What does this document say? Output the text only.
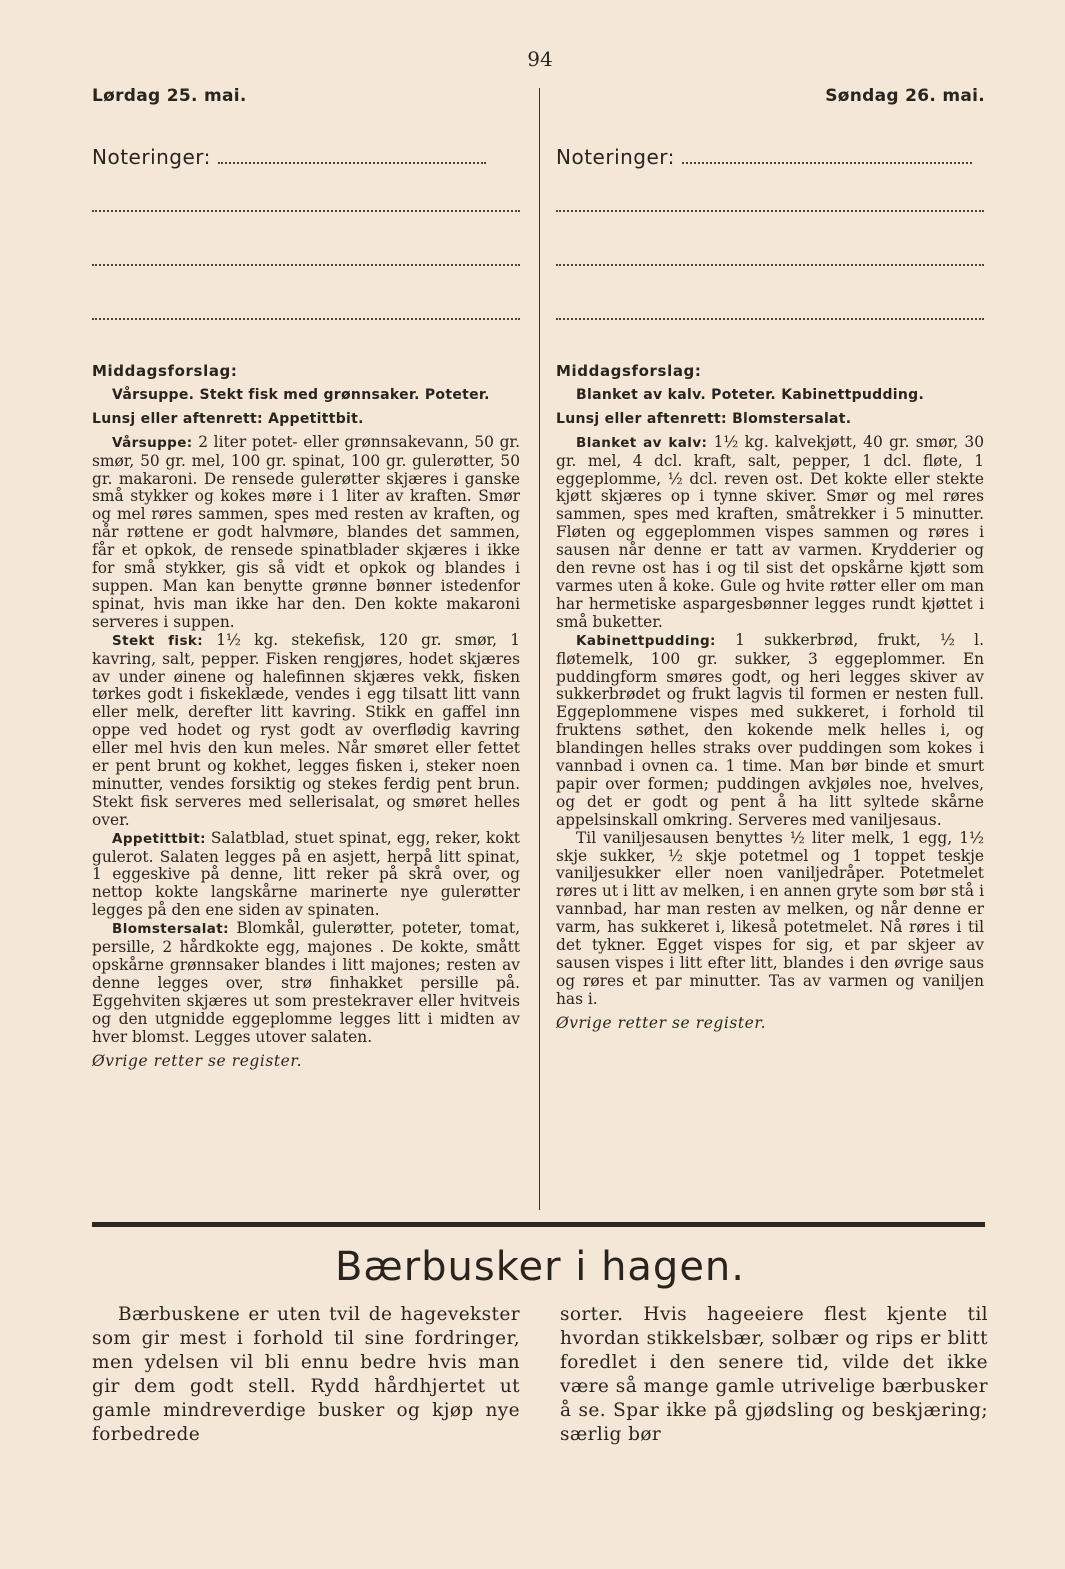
94
Lørdag 25. mai.	Søndag 26. mai.
Noteringer:	Noteringer:

Middagsforslag:

Vårsuppe. Stekt fisk med grønnsaker. Poteter.

Lunsj eller aftenrett: Appetittbit.

Vårsuppe: 2 liter potet- eller grønnsakevann, 50 gr. smør, 50 gr. mel, 100 gr. spinat, 100 gr. gulerøtter, 50 gr. makaroni. De rensede gulerøtter skjæres i ganske små stykker og kokes møre i 1 liter av kraften. Smør og mel røres sammen, spes med resten av kraften, og når røttene er godt halvmøre, blandes det sammen, får et opkok, de rensede spinatblader skjæres i ikke for små stykker, gis så vidt et opkok og blandes i suppen. Man kan benytte grønne bønner istedenfor spinat, hvis man ikke har den. Den kokte makaroni serveres i suppen.

Stekt fisk: 1½ kg. stekefisk, 120 gr. smør, 1 kavring, salt, pepper. Fisken rengjøres, hodet skjæres av under øinene og halefinnen skjæres vekk, fisken tørkes godt i fiskeklæde, vendes i egg tilsatt litt vann eller melk, derefter litt kavring. Stikk en gaffel inn oppe ved hodet og ryst godt av overflødig kavring eller mel hvis den kun meles. Når smøret eller fettet er pent brunt og kokhet, legges fisken i, steker noen minutter, vendes forsiktig og stekes ferdig pent brun. Stekt fisk serveres med sellerisalat, og smøret helles over.

Appetittbit: Salatblad, stuet spinat, egg, reker, kokt gulerot. Salaten legges på en asjett, herpå litt spinat, 1 eggeskive på denne, litt reker på skrå over, og nettop kokte langskårne marinerte nye gulerøtter legges på den ene siden av spinaten.

Blomstersalat: Blomkål, gulerøtter, poteter, tomat, persille, 2 hårdkokte egg, majones . De kokte, smått opskårne grønnsaker blandes i litt majones; resten av denne legges over, strø finhakket persille på. Eggehviten skjæres ut som prestekraver eller hvitveis og den utgnidde eggeplomme legges litt i midten av hver blomst. Legges utover salaten.

Øvrige retter se register.

Middagsforslag:

Blanket av kalv. Poteter. Kabinettpudding.

Lunsj eller aftenrett: Blomstersalat.

Blanket av kalv: 1½ kg. kalvekjøtt, 40 gr. smør, 30 gr. mel, 4 dcl. kraft, salt, pepper, 1 dcl. fløte, 1 eggeplomme, ½ dcl. reven ost. Det kokte eller stekte kjøtt skjæres op i tynne skiver. Smør og mel røres sammen, spes med kraften, småtrekker i 5 minutter. Fløten og eggeplommen vispes sammen og røres i sausen når denne er tatt av varmen. Krydderier og den revne ost has i og til sist det opskårne kjøtt som varmes uten å koke. Gule og hvite røtter eller om man har hermetiske aspargesbønner legges rundt kjøttet i små buketter.

Kabinettpudding: 1 sukkerbrød, frukt, ½ l. fløtemelk, 100 gr. sukker, 3 eggeplommer. En puddingform smøres godt, og heri legges skiver av sukkerbrødet og frukt lagvis til formen er nesten full. Eggeplommene vispes med sukkeret, i forhold til fruktens søthet, den kokende melk helles i, og blandingen helles straks over puddingen som kokes i vannbad i ovnen ca. 1 time. Man bør binde et smurt papir over formen; puddingen avkjøles noe, hvelves, og det er godt og pent å ha litt syltede skårne appelsinskall omkring. Serveres med vaniljesaus.

Til vaniljesausen benyttes ½ liter melk, 1 egg, 1½ skje sukker, ½ skje potetmel og 1 toppet teskje vaniljesukker eller noen vaniljedråper. Potetmelet røres ut i litt av melken, i en annen gryte som bør stå i vannbad, har man resten av melken, og når denne er varm, has sukkeret i, likeså potetmelet. Nå røres i til det tykner. Egget vispes for sig, et par skjeer av sausen vispes i litt efter litt, blandes i den øvrige saus og røres et par minutter. Tas av varmen og vaniljen has i.

Øvrige retter se register.

Bærbusker i hagen.
Bærbuskene er uten tvil de hagevekster som gir mest i forhold til sine fordringer, men ydelsen vil bli ennu bedre hvis man gir dem godt stell. Rydd hårdhjertet ut gamle mindreverdige busker og kjøp nye forbedrede
sorter. Hvis hageeiere flest kjente til hvordan stikkelsbær, solbær og rips er blitt foredlet i den senere tid, vilde det ikke være så mange gamle utrivelige bærbusker å se. Spar ikke på gjødsling og beskjæring; særlig bør
